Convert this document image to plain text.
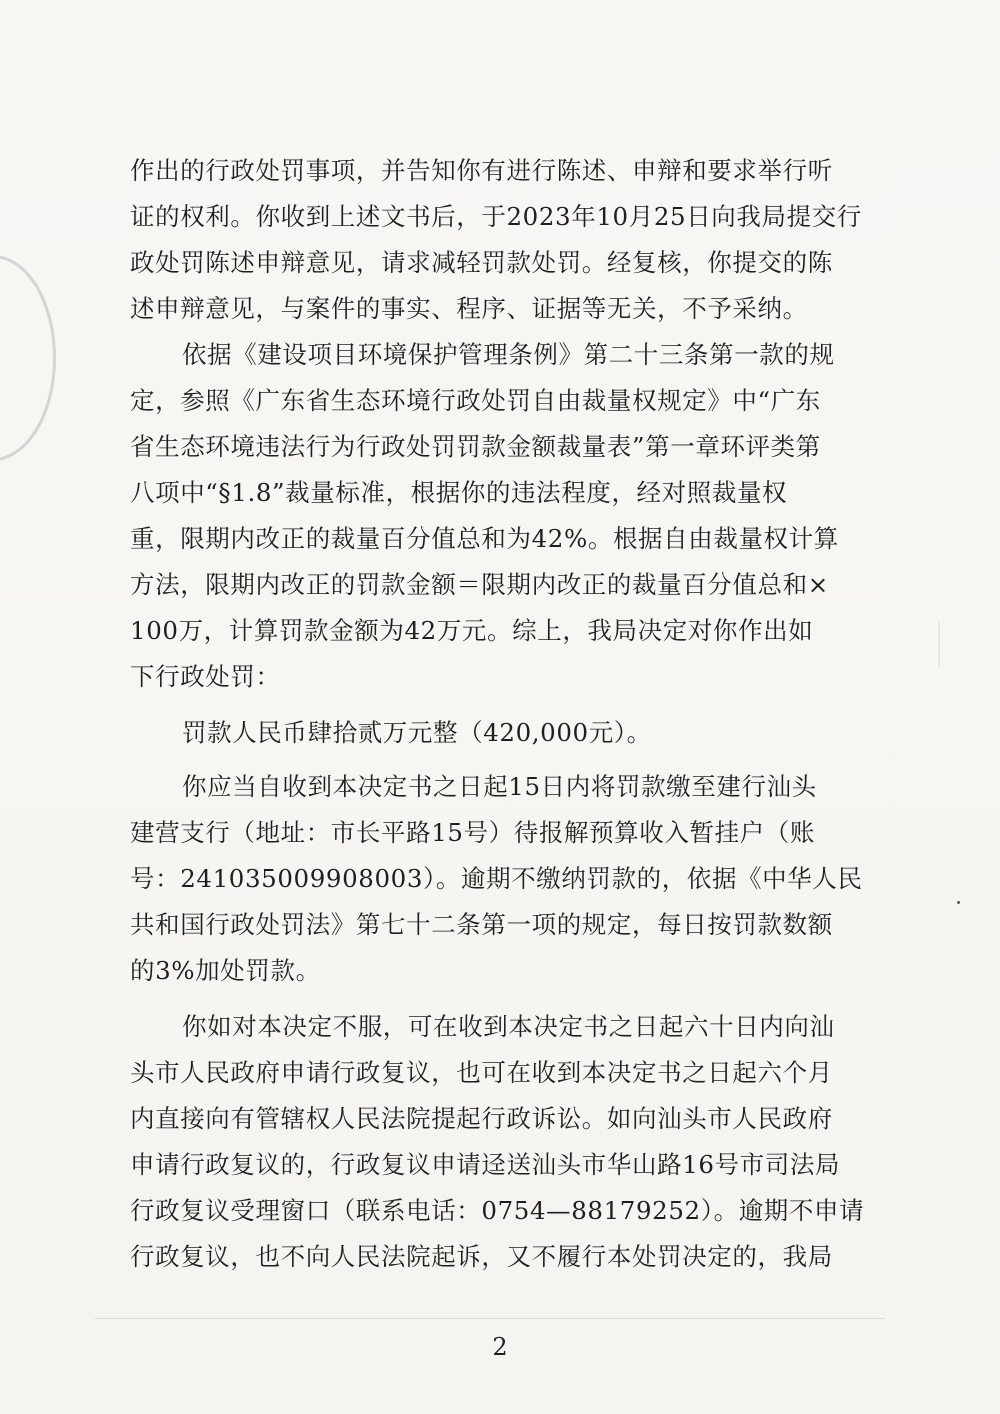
作出的行政处罚事项，并告知你有进行陈述、申辩和要求举行听
证的权利。你收到上述文书后，于2023年10月25日向我局提交行
政处罚陈述申辩意见，请求减轻罚款处罚。经复核，你提交的陈
述申辩意见，与案件的事实、程序、证据等无关，不予采纳。
依据《建设项目环境保护管理条例》第二十三条第一款的规
定，参照《广东省生态环境行政处罚自由裁量权规定》中“广东
省生态环境违法行为行政处罚罚款金额裁量表”第一章环评类第
八项中“§1.8”裁量标准，根据你的违法程度，经对照裁量权
重，限期内改正的裁量百分值总和为42%。根据自由裁量权计算
方法，限期内改正的罚款金额＝限期内改正的裁量百分值总和×
100万，计算罚款金额为42万元。综上，我局决定对你作出如
下行政处罚：
罚款人民币肆拾贰万元整（420,000元）。
你应当自收到本决定书之日起15日内将罚款缴至建行汕头
建营支行（地址：市长平路15号）待报解预算收入暂挂户（账
号：241035009908003）。逾期不缴纳罚款的，依据《中华人民
共和国行政处罚法》第七十二条第一项的规定，每日按罚款数额
的3%加处罚款。
你如对本决定不服，可在收到本决定书之日起六十日内向汕
头市人民政府申请行政复议，也可在收到本决定书之日起六个月
内直接向有管辖权人民法院提起行政诉讼。如向汕头市人民政府
申请行政复议的，行政复议申请迳送汕头市华山路16号市司法局
行政复议受理窗口（联系电话：0754—88179252）。逾期不申请
行政复议，也不向人民法院起诉，又不履行本处罚决定的，我局
2
